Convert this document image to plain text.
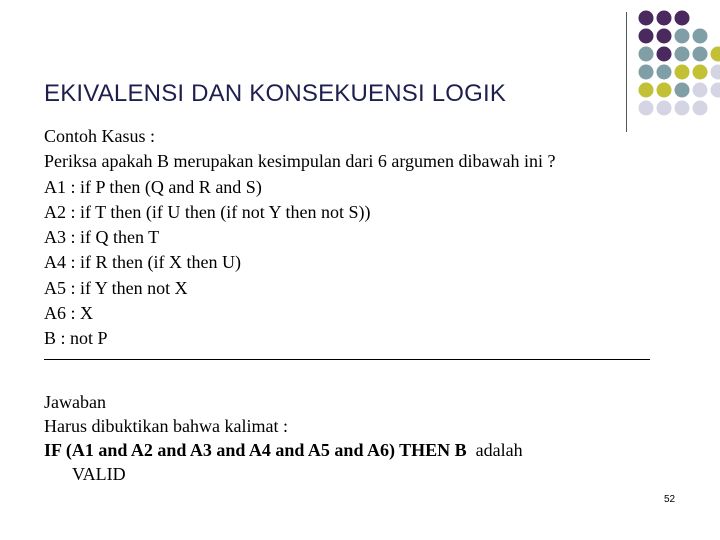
EKIVALENSI DAN KONSEKUENSI LOGIK
Contoh Kasus :
Periksa apakah B merupakan kesimpulan dari 6 argumen dibawah ini ?
A1 : if P then (Q and R and S)
A2 : if T then (if U then (if not Y then not S))
A3 : if Q then T
A4 : if R then (if X then U)
A5 : if Y then not X
A6 : X
B : not P
Jawaban
Harus dibuktikan bahwa kalimat :
IF (A1 and A2 and A3 and A4 and A5 and A6) THEN B  adalah
VALID
52
